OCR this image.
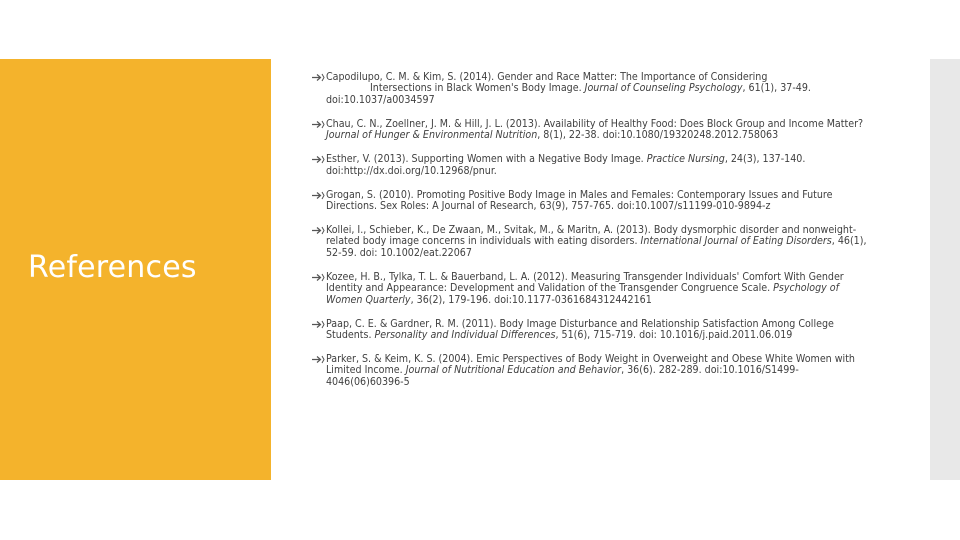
References
Capodilupo, C. M. & Kim, S. (2014). Gender and Race Matter: The Importance of Considering
Intersections in Black Women's Body Image. Journal of Counseling Psychology, 61(1), 37-49. doi:10.1037/a0034597
Chau, C. N., Zoellner, J. M. & Hill, J. L. (2013). Availability of Healthy Food: Does Block Group and Income Matter? Journal of Hunger & Environmental Nutrition, 8(1), 22-38. doi:10.1080/19320248.2012.758063
Esther, V. (2013). Supporting Women with a Negative Body Image. Practice Nursing, 24(3), 137-140. doi:http://dx.doi.org/10.12968/pnur.
Grogan, S. (2010). Promoting Positive Body Image in Males and Females: Contemporary Issues and Future Directions. Sex Roles: A Journal of Research, 63(9), 757-765. doi:10.1007/s11199-010-9894-z
Kollei, I., Schieber, K., De Zwaan, M., Svitak, M., & Maritn, A. (2013). Body dysmorphic disorder and nonweight-related body image concerns in individuals with eating disorders. International Journal of Eating Disorders, 46(1), 52-59. doi: 10.1002/eat.22067
Kozee, H. B., Tylka, T. L. & Bauerband, L. A. (2012). Measuring Transgender Individuals' Comfort With Gender Identity and Appearance: Development and Validation of the Transgender Congruence Scale. Psychology of Women Quarterly, 36(2), 179-196. doi:10.1177-0361684312442161
Paap, C. E. & Gardner, R. M. (2011). Body Image Disturbance and Relationship Satisfaction Among College Students. Personality and Individual Differences, 51(6), 715-719. doi: 10.1016/j.paid.2011.06.019
Parker, S. & Keim, K. S. (2004). Emic Perspectives of Body Weight in Overweight and Obese White Women with Limited Income. Journal of Nutritional Education and Behavior, 36(6). 282-289. doi:10.1016/S1499-4046(06)60396-5
